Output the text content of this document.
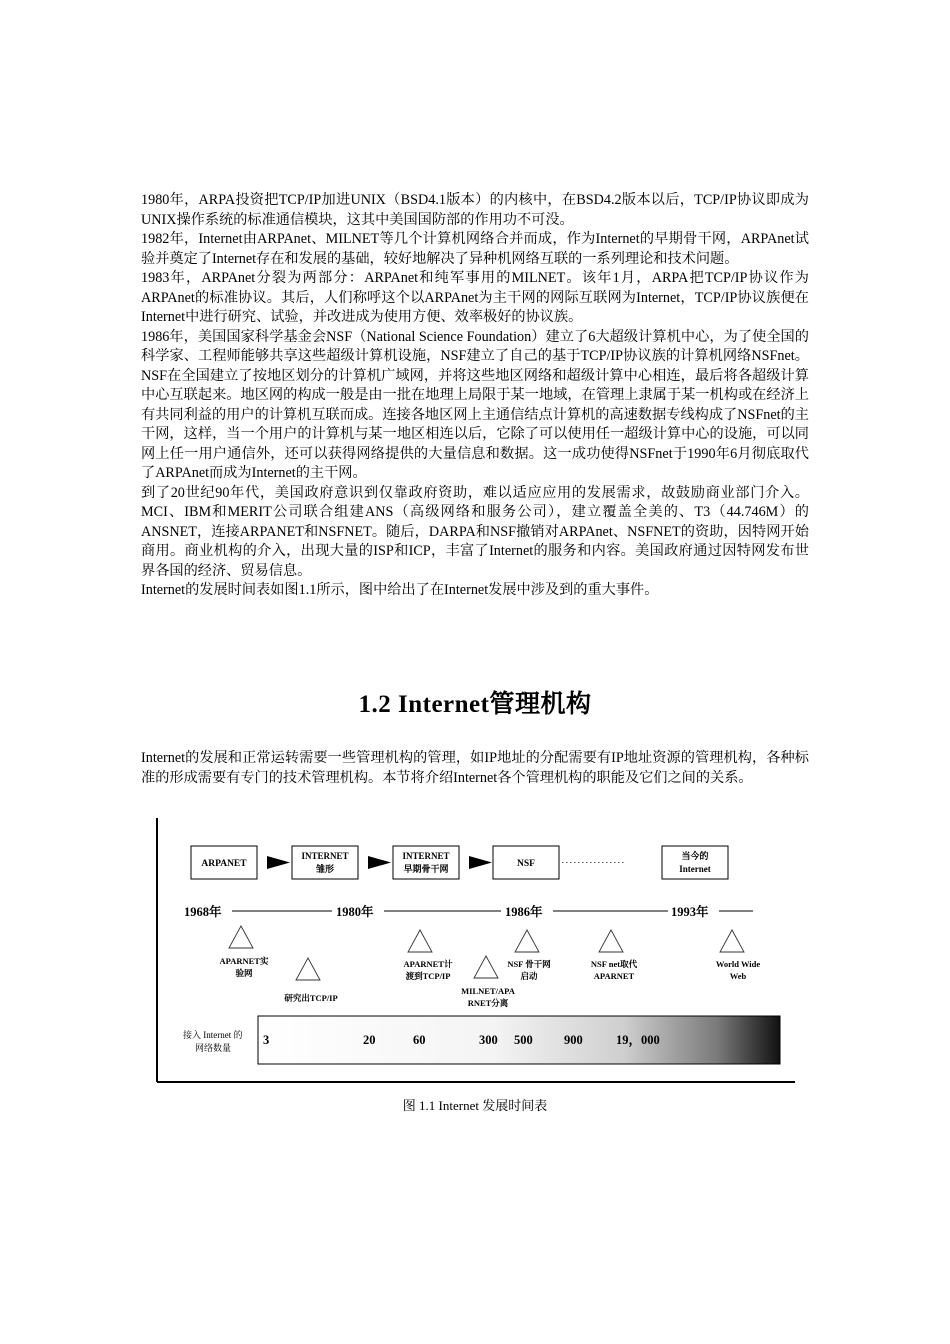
1980年，ARPA投资把TCP/IP加进UNIX（BSD4.1版本）的内核中，在BSD4.2版本以后，TCP/IP协议即成为UNIX操作系统的标准通信模块，这其中美国国防部的作用功不可没。

1982年，Internet由ARPAnet、MILNET等几个计算机网络合并而成，作为Internet的早期骨干网，ARPAnet试验并奠定了Internet存在和发展的基础，较好地解决了异种机网络互联的一系列理论和技术问题。

1983年，ARPAnet分裂为两部分：ARPAnet和纯军事用的MILNET。该年1月，ARPA把TCP/IP协议作为ARPAnet的标准协议。其后，人们称呼这个以ARPAnet为主干网的网际互联网为Internet，TCP/IP协议族便在Internet中进行研究、试验，并改进成为使用方便、效率极好的协议族。

1986年，美国国家科学基金会NSF（National Science Foundation）建立了6大超级计算机中心，为了使全国的科学家、工程师能够共享这些超级计算机设施，NSF建立了自己的基于TCP/IP协议族的计算机网络NSFnet。NSF在全国建立了按地区划分的计算机广域网，并将这些地区网络和超级计算中心相连，最后将各超级计算中心互联起来。地区网的构成一般是由一批在地理上局限于某一地域，在管理上隶属于某一机构或在经济上有共同利益的用户的计算机互联而成。连接各地区网上主通信结点计算机的高速数据专线构成了NSFnet的主干网，这样，当一个用户的计算机与某一地区相连以后，它除了可以使用任一超级计算中心的设施，可以同网上任一用户通信外，还可以获得网络提供的大量信息和数据。这一成功使得NSFnet于1990年6月彻底取代了ARPAnet而成为Internet的主干网。

到了20世纪90年代，美国政府意识到仅靠政府资助，难以适应应用的发展需求，故鼓励商业部门介入。MCI、IBM和MERIT公司联合组建ANS（高级网络和服务公司），建立覆盖全美的、T3（44.746M）的ANSNET，连接ARPANET和NSFNET。随后，DARPA和NSF撤销对ARPAnet、NSFNET的资助，因特网开始商用。商业机构的介入，出现大量的ISP和ICP，丰富了Internet的服务和内容。美国政府通过因特网发布世界各国的经济、贸易信息。

Internet的发展时间表如图1.1所示，图中给出了在Internet发展中涉及到的重大事件。

1.2 Internet管理机构

Internet的发展和正常运转需要一些管理机构的管理，如IP地址的分配需要有IP地址资源的管理机构，各种标准的形成需要有专门的技术管理机构。本节将介绍Internet各个管理机构的职能及它们之间的关系。

ARPANET
INTERNET
雏形
INTERNET
早期骨干网	NSF
当今的
Internet
1968年	1980年	1986年	1993年
APARNET实
验网
研究出TCP/IP
APARNET计
渡到TCP/IP
MILNET/APA
RNET分离
NSF 骨干网
启动
NSF net取代
APARNET
World Wide
Web
接入 Internet 的
网络数量
3	20	60	300 500	900	19，000
图 1.1 Internet 发展时间表
